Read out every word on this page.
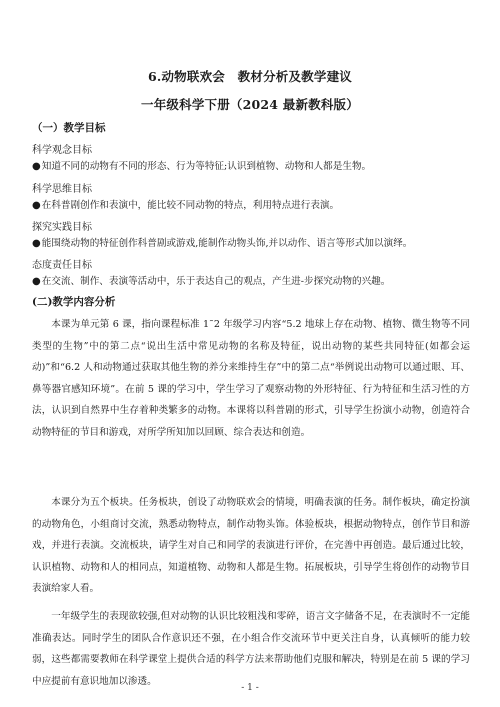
6.动物联欢会　教材分析及教学建议
一年级科学下册（2024 最新教科版）
（一）教学目标
科学观念目标
●知道不同的动物有不同的形态、行为等特征;认识到植物、动物和人都是生物。
科学思维目标
●在科普剧创作和表演中，能比较不同动物的特点，利用特点进行表演。
探究实践目标
●能围绕动物的特征创作科普剧或游戏,能制作动物头饰,并以动作、语言等形式加以演绎。
态度责任目标
●在交流、制作、表演等活动中，乐于表达自己的观点，产生进-步探究动物的兴趣。
(二)教学内容分析

本课为单元第 6 课，指向课程标准 1˜2 年级学习内容“5.2 地球上存在动物、植物、微生物等不同类型的生物”中的第二点“说出生活中常见动物的名称及特征，说出动物的某些共同特征(如都会运动)”和“6.2 人和动物通过获取其他生物的养分来维持生存”中的第二点“举例说出动物可以通过眼、耳、鼻等器官感知环境”。在前 5 课的学习中，学生学习了观察动物的外形特征、行为特征和生活习性的方法，认识到自然界中生存着种类繁多的动物。本课将以科普剧的形式，引导学生扮演小动物，创造符合动物特征的节目和游戏，对所学所知加以回顾、综合表达和创造。

本课分为五个板块。任务板块，创设了动物联欢会的情境，明确表演的任务。制作板块，确定扮演的动物角色，小组商讨交流，熟悉动物特点，制作动物头饰。体验板块，根据动物特点，创作节目和游戏，并进行表演。交流板块，请学生对自己和同学的表演进行评价，在完善中再创造。最后通过比较，认识植物、动物和人的相同点，知道植物、动物和人都是生物。拓展板块，引导学生将创作的动物节目表演给家人看。

一年级学生的表现欲较强,但对动物的认识比较粗浅和零碎，语言文字储备不足，在表演时不一定能准确表达。同时学生的团队合作意识还不强，在小组合作交流环节中更关注自身，认真倾听的能力较弱，这些都需要教师在科学课堂上提供合适的科学方法来帮助他们克服和解决，特别是在前 5 课的学习中应提前有意识地加以渗透。

- 1 -
